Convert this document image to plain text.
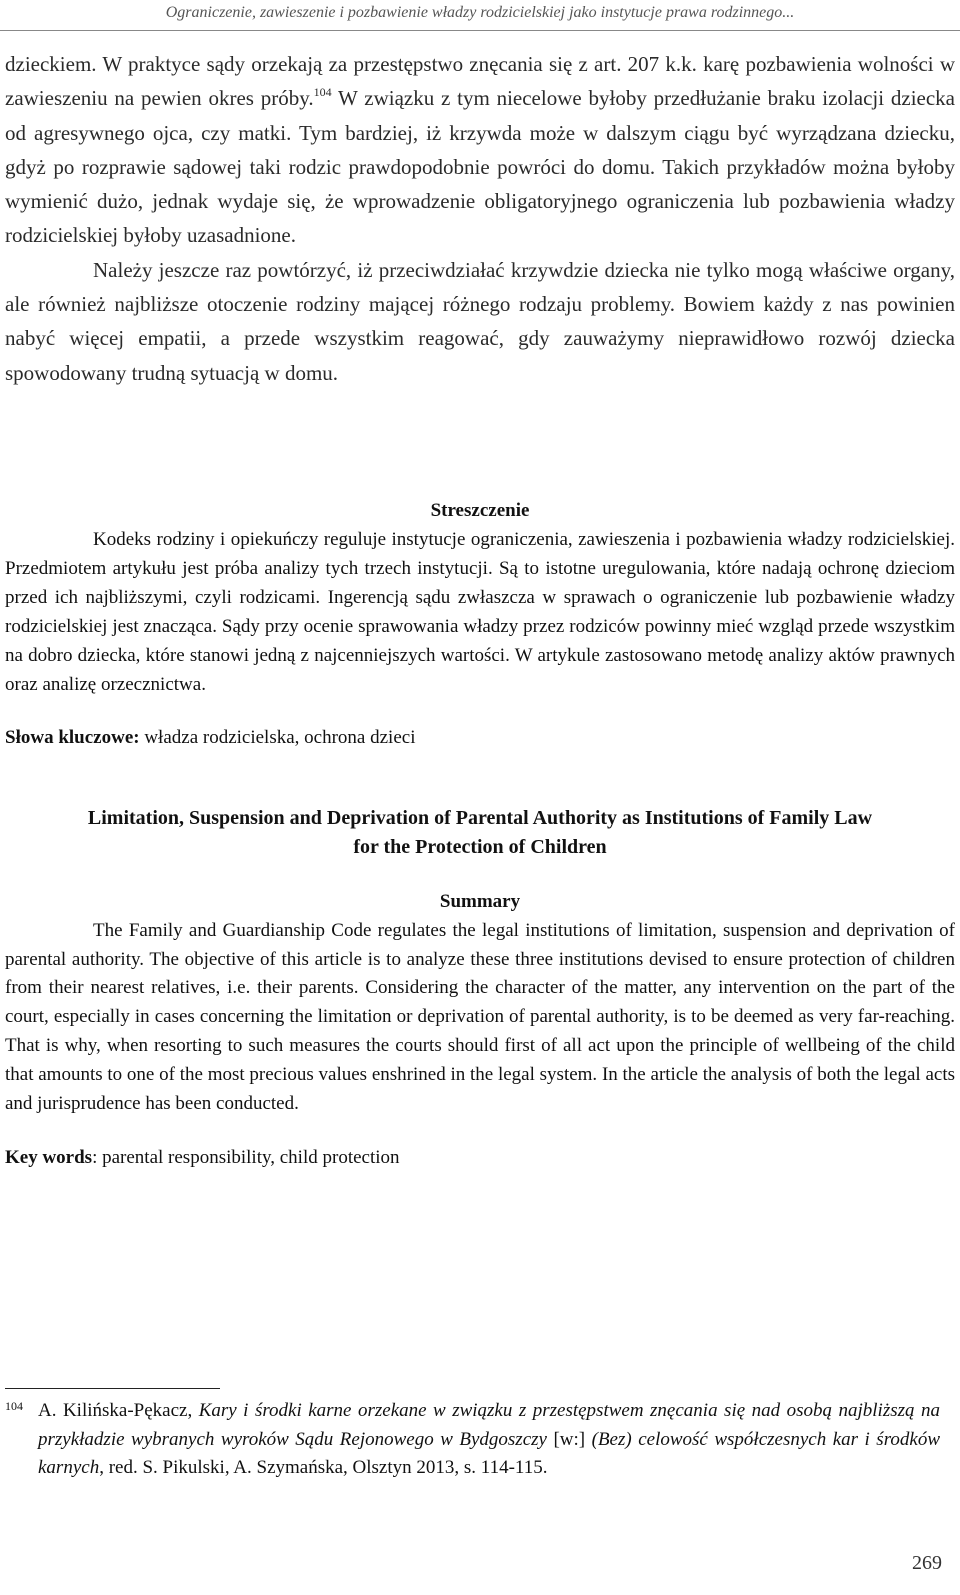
Ograniczenie, zawieszenie i pozbawienie władzy rodzicielskiej jako instytucje prawa rodzinnego...

dzieckiem. W praktyce sądy orzekają za przestępstwo znęcania się z art. 207 k.k. karę pozbawienia wolności w zawieszeniu na pewien okres próby.$^{104}$ W związku z tym niecelowe byłoby przedłużanie braku izolacji dziecka od agresywnego ojca, czy matki. Tym bardziej, iż krzywda może w dalszym ciągu być wyrządzana dziecku, gdyż po rozprawie sądowej taki rodzic prawdopodobnie powróci do domu. Takich przykładów można byłoby wymienić dużo, jednak wydaje się, że wprowadzenie obligatoryjnego ograniczenia lub pozbawienia władzy rodzicielskiej byłoby uzasadnione.

Należy jeszcze raz powtórzyć, iż przeciwdziałać krzywdzie dziecka nie tylko mogą właściwe organy, ale również najbliższe otoczenie rodziny mającej różnego rodzaju problemy. Bowiem każdy z nas powinien nabyć więcej empatii, a przede wszystkim reagować, gdy zauważymy nieprawidłowo rozwój dziecka spowodowany trudną sytuacją w domu.

Streszczenie

Kodeks rodziny i opiekuńczy reguluje instytucje ograniczenia, zawieszenia i pozbawienia władzy rodzicielskiej. Przedmiotem artykułu jest próba analizy tych trzech instytucji. Są to istotne uregulowania, które nadają ochronę dzieciom przed ich najbliższymi, czyli rodzicami. Ingerencją sądu zwłaszcza w sprawach o ograniczenie lub pozbawienie władzy rodzicielskiej jest znacząca. Sądy przy ocenie sprawowania władzy przez rodziców powinny mieć wzgląd przede wszystkim na dobro dziecka, które stanowi jedną z najcenniejszych wartości. W artykule zastosowano metodę analizy aktów prawnych oraz analizę orzecznictwa.

Słowa kluczowe: władza rodzicielska, ochrona dzieci

Limitation, Suspension and Deprivation of Parental Authority as Institutions of Family Law
for the Protection of Children

Summary

The Family and Guardianship Code regulates the legal institutions of limitation, suspension and deprivation of parental authority. The objective of this article is to analyze these three institutions devised to ensure protection of children from their nearest relatives, i.e. their parents. Considering the character of the matter, any intervention on the part of the court, especially in cases concerning the limitation or deprivation of parental authority, is to be deemed as very far-reaching. That is why, when resorting to such measures the courts should first of all act upon the principle of wellbeing of the child that amounts to one of the most precious values enshrined in the legal system. In the article the analysis of both the legal acts and jurisprudence has been conducted.

Key words: parental responsibility, child protection

104 A. Kilińska-Pękacz, Kary i środki karne orzekane w związku z przestępstwem znęcania się nad osobą najbliższą na przykładzie wybranych wyroków Sądu Rejonowego w Bydgoszczy [w:] (Bez) celowość współczesnych kar i środków karnych, red. S. Pikulski, A. Szymańska, Olsztyn 2013, s. 114-115.
269
